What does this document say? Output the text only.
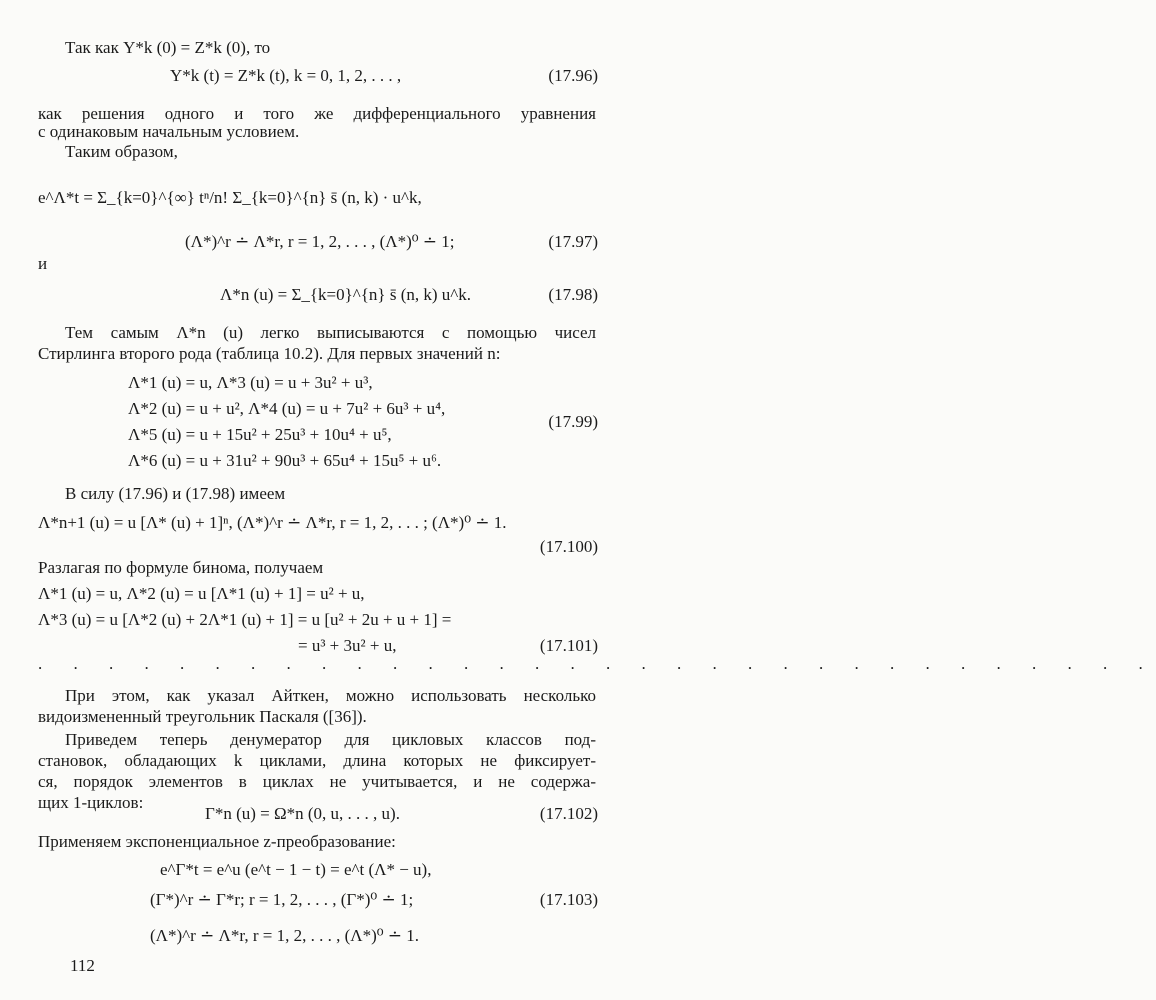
Так как Y*k (0) = Z*k (0), то
Y*k (t) = Z*k (t), k = 0, 1, 2, . . . ,	(17.96)
как решения одного и того же дифференциального уравнения
с одинаковым начальным условием.
Таким образом,
e^Λ*t = Σ_{k=0}^{∞} tⁿ/n! Σ_{k=0}^{n} s̄ (n, k) · u^k,
(Λ*)^r ∸ Λ*r, r = 1, 2, . . . , (Λ*)⁰ ∸ 1;	(17.97)
и
Λ*n (u) = Σ_{k=0}^{n} s̄ (n, k) u^k.	(17.98)
Тем самым Λ*n (u) легко выписываются с помощью чисел
Стирлинга второго рода (таблица 10.2). Для первых значений n:
Λ*1 (u) = u, Λ*3 (u) = u + 3u² + u³,
Λ*2 (u) = u + u², Λ*4 (u) = u + 7u² + 6u³ + u⁴,
Λ*5 (u) = u + 15u² + 25u³ + 10u⁴ + u⁵,
Λ*6 (u) = u + 31u² + 90u³ + 65u⁴ + 15u⁵ + u⁶.
(17.99)
В силу (17.96) и (17.98) имеем
Λ*n+1 (u) = u [Λ* (u) + 1]ⁿ, (Λ*)^r ∸ Λ*r, r = 1, 2, . . . ; (Λ*)⁰ ∸ 1.
(17.100)
Разлагая по формуле бинома, получаем
Λ*1 (u) = u, Λ*2 (u) = u [Λ*1 (u) + 1] = u² + u,
Λ*3 (u) = u [Λ*2 (u) + 2Λ*1 (u) + 1] = u [u² + 2u + u + 1] =
= u³ + 3u² + u,	(17.101)
. . . . . . . . . . . . . . . . . . . . . . . . . . . . . . . .
При этом, как указал Айткен, можно использовать несколько
видоизмененный треугольник Паскаля ([36]).
Приведем теперь денумератор для цикловых классов под-
становок, обладающих k циклами, длина которых не фиксирует-
ся, порядок элементов в циклах не учитывается, и не содержа-
щих 1-циклов:
Γ*n (u) = Ω*n (0, u, . . . , u).	(17.102)
Применяем экспоненциальное z-преобразование:
e^Γ*t = e^u (e^t − 1 − t) = e^t (Λ* − u),
(Γ*)^r ∸ Γ*r; r = 1, 2, . . . , (Γ*)⁰ ∸ 1;	(17.103)
(Λ*)^r ∸ Λ*r, r = 1, 2, . . . , (Λ*)⁰ ∸ 1.
112
